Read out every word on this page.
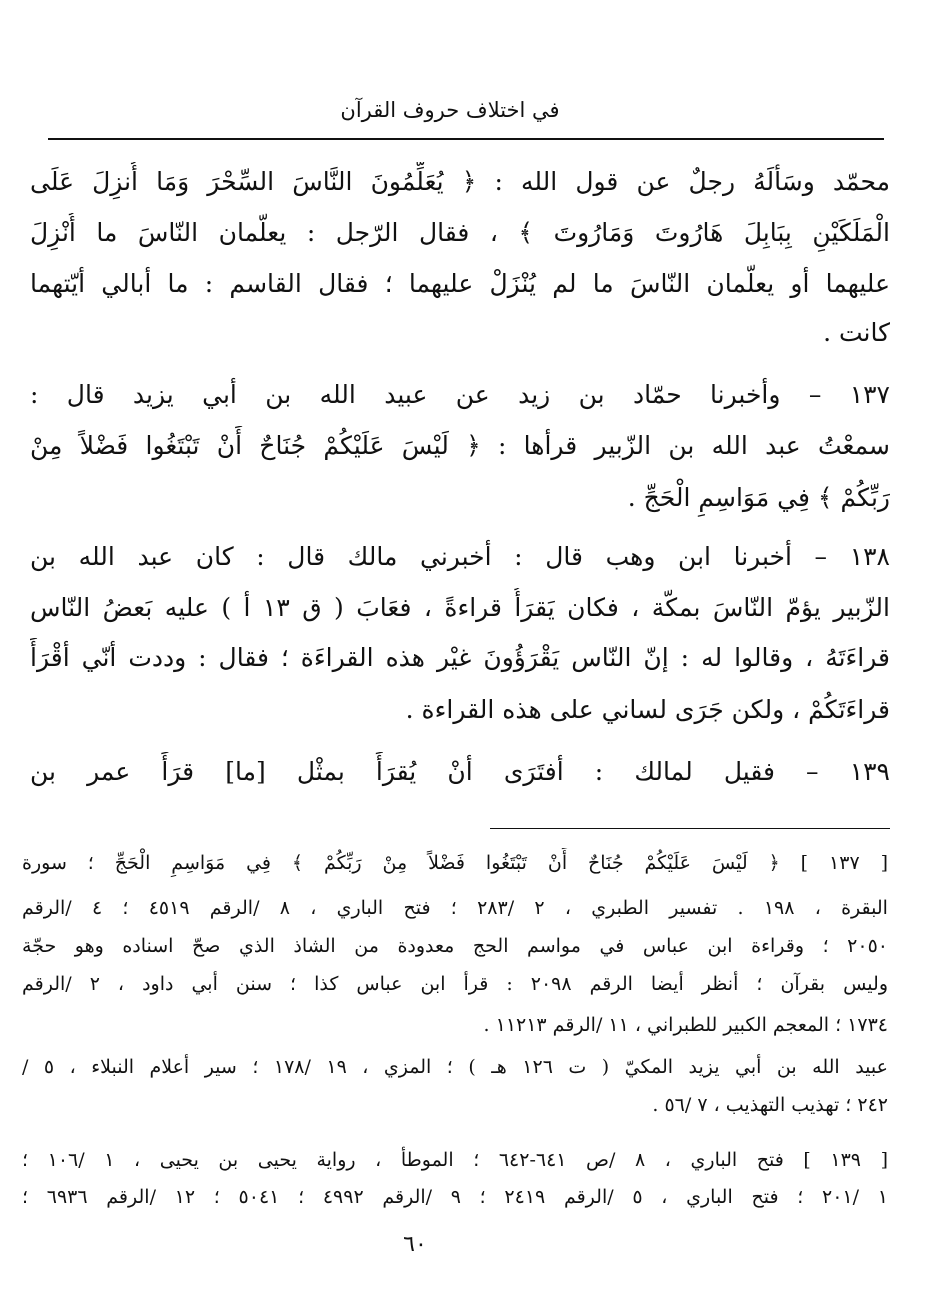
في اختلاف حروف القرآن
محمّد وسَألَهُ رجلٌ عن قول الله : ﴿ يُعَلِّمُونَ النَّاسَ السِّحْرَ وَمَا أُنزِلَ عَلَى
الْمَلَكَيْنِ بِبَابِلَ هَارُوتَ وَمَارُوتَ ﴾ ، فقال الرّجل : يعلّمان النّاسَ ما أُنْزِلَ
عليهما أو يعلّمان النّاسَ ما لم يُنْزَلْ عليهما ؛ فقال القاسم : ما أبالي أيّتهما
كانت .
١٣٧ – وأخبرنا حمّاد بن زيد عن عبيد الله بن أبي يزيد قال :
سمعْتُ عبد الله بن الزّبير قرأها : ﴿ لَيْسَ عَلَيْكُمْ جُنَاحٌ أَنْ تَبْتَغُوا فَضْلاً مِنْ
رَبِّكُمْ ﴾ فِي مَوَاسِمِ الْحَجِّ .
١٣٨ – أخبرنا ابن وهب قال : أخبرني مالك قال : كان عبد الله بن
الزّبير يؤمّ النّاسَ بمكّة ، فكان يَقرَأُ قراءةً ، فعَابَ ( ق ١٣ أ ) عليه بَعضُ النّاس
قراءَتَهُ ، وقالوا له : إنّ النّاس يَقْرَؤُونَ غيْر هذه القراءَة ؛ فقال : وددت أنّي أقْرَأَ
قراءَتَكُمْ ، ولكن جَرَى لساني على هذه القراءة .
١٣٩ – فقيل لمالك : أفتَرَى أنْ يُقرَأَ بمثْل [ما] قرَأَ عمر بن
[ ١٣٧ ] ﴿ لَيْسَ عَلَيْكُمْ جُنَاحٌ أَنْ تَبْتَغُوا فَضْلاً مِنْ رَبِّكُمْ ﴾ فِي مَوَاسِمِ الْحَجِّ ؛ سورة
البقرة ، ١٩٨ . تفسير الطبري ، ٢ /٢٨٣ ؛ فتح الباري ، ٨ /الرقم ٤٥١٩ ؛ ٤ /الرقم
٢٠٥٠ ؛ وقراءة ابن عباس في مواسم الحج معدودة من الشاذ الذي صحّ اسناده وهو حجّة
وليس بقرآن ؛ أنظر أيضا الرقم ٢٠٩٨ : قرأ ابن عباس كذا ؛ سنن أبي داود ، ٢ /الرقم
١٧٣٤ ؛ المعجم الكبير للطبراني ، ١١ /الرقم ١١٢١٣ .
عبيد الله بن أبي يزيد المكيّ ( ت ١٢٦ هـ ) ؛ المزي ، ١٩ /١٧٨ ؛ سير أعلام النبلاء ، ٥ /
٢٤٢ ؛ تهذيب التهذيب ، ٧ /٥٦ .
[ ١٣٩ ] فتح الباري ، ٨ /ص ٦٤١-٦٤٢ ؛ الموطأ ، رواية يحيى بن يحيى ، ١ /١٠٦ ؛
١ /٢٠١ ؛ فتح الباري ، ٥ /الرقم ٢٤١٩ ؛ ٩ /الرقم ٤٩٩٢ ؛ ٥٠٤١ ؛ ١٢ /الرقم ٦٩٣٦ ؛
٦٠
